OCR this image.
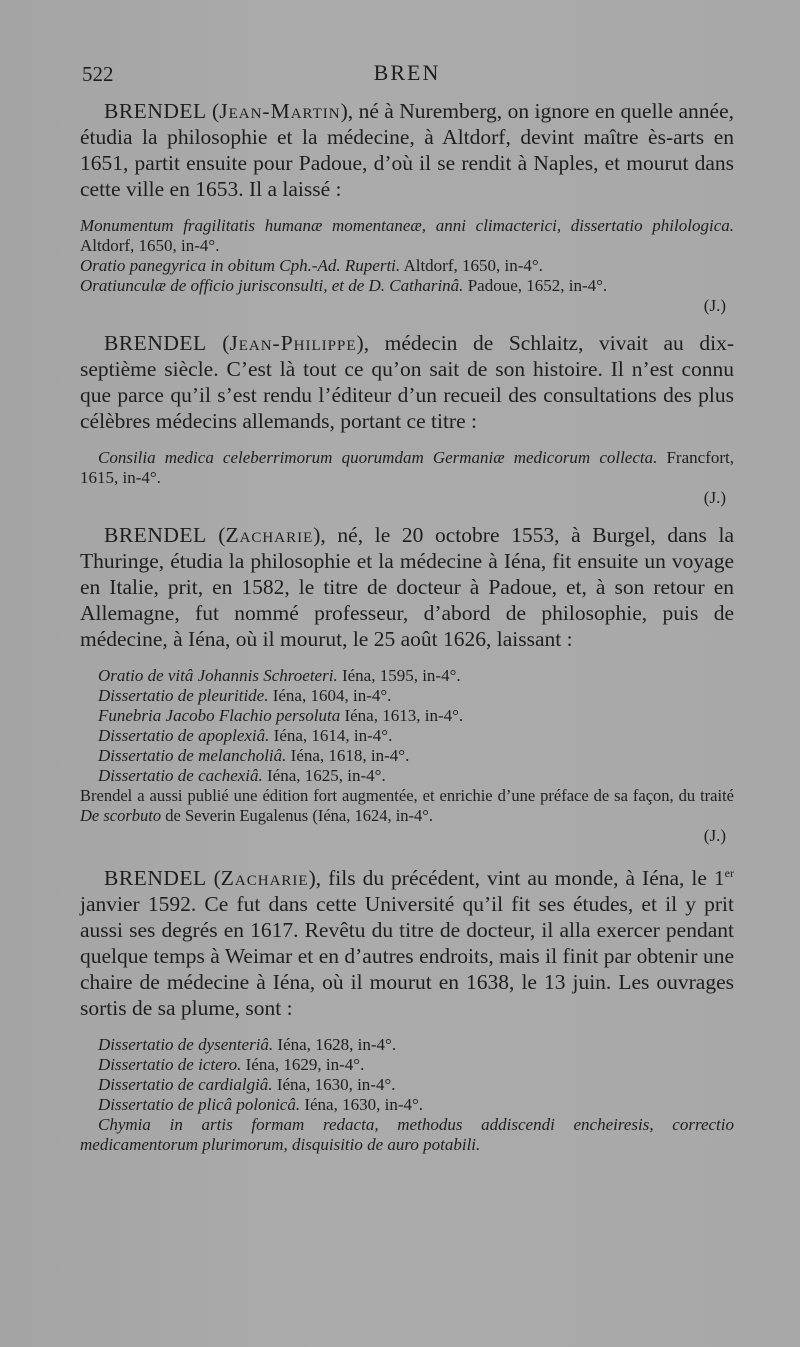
522	BREN

BRENDEL (Jean-Martin), né à Nuremberg, on ignore en quelle année, étudia la philosophie et la médecine, à Altdorf, devint maître ès-arts en 1651, partit ensuite pour Padoue, d’où il se rendit à Naples, et mourut dans cette ville en 1653. Il a laissé :

Monumentum fragilitatis humanæ momentaneæ, anni climacterici, dissertatio philologica. Altdorf, 1650, in-4°.
Oratio panegyrica in obitum Cph.-Ad. Ruperti. Altdorf, 1650, in-4°.
Oratiunculæ de officio jurisconsulti, et de D. Catharinâ. Padoue, 1652, in-4°.
(J.)

BRENDEL (Jean-Philippe), médecin de Schlaitz, vivait au dix-septième siècle. C’est là tout ce qu’on sait de son histoire. Il n’est connu que parce qu’il s’est rendu l’éditeur d’un recueil des consultations des plus célèbres médecins allemands, portant ce titre :

Consilia medica celeberrimorum quorumdam Germaniæ medicorum collecta. Francfort, 1615, in-4°.
(J.)

BRENDEL (Zacharie), né, le 20 octobre 1553, à Burgel, dans la Thuringe, étudia la philosophie et la médecine à Iéna, fit ensuite un voyage en Italie, prit, en 1582, le titre de docteur à Padoue, et, à son retour en Allemagne, fut nommé professeur, d’abord de philosophie, puis de médecine, à Iéna, où il mourut, le 25 août 1626, laissant :

Oratio de vitâ Johannis Schroeteri. Iéna, 1595, in-4°.
Dissertatio de pleuritide. Iéna, 1604, in-4°.
Funebria Jacobo Flachio persoluta Iéna, 1613, in-4°.
Dissertatio de apoplexiâ. Iéna, 1614, in-4°.
Dissertatio de melancholiâ. Iéna, 1618, in-4°.
Dissertatio de cachexiâ. Iéna, 1625, in-4°.

Brendel a aussi publié une édition fort augmentée, et enrichie d’une préface de sa façon, du traité De scorbuto de Severin Eugalenus (Iéna, 1624, in-4°.

(J.)

BRENDEL (Zacharie), fils du précédent, vint au monde, à Iéna, le 1er janvier 1592. Ce fut dans cette Université qu’il fit ses études, et il y prit aussi ses degrés en 1617. Revêtu du titre de docteur, il alla exercer pendant quelque temps à Weimar et en d’autres endroits, mais il finit par obtenir une chaire de médecine à Iéna, où il mourut en 1638, le 13 juin. Les ouvrages sortis de sa plume, sont :

Dissertatio de dysenteriâ. Iéna, 1628, in-4°.
Dissertatio de ictero. Iéna, 1629, in-4°.
Dissertatio de cardialgiâ. Iéna, 1630, in-4°.
Dissertatio de plicâ polonicâ. Iéna, 1630, in-4°.
Chymia in artis formam redacta, methodus addiscendi encheiresis, correctio medicamentorum plurimorum, disquisitio de auro potabili.
